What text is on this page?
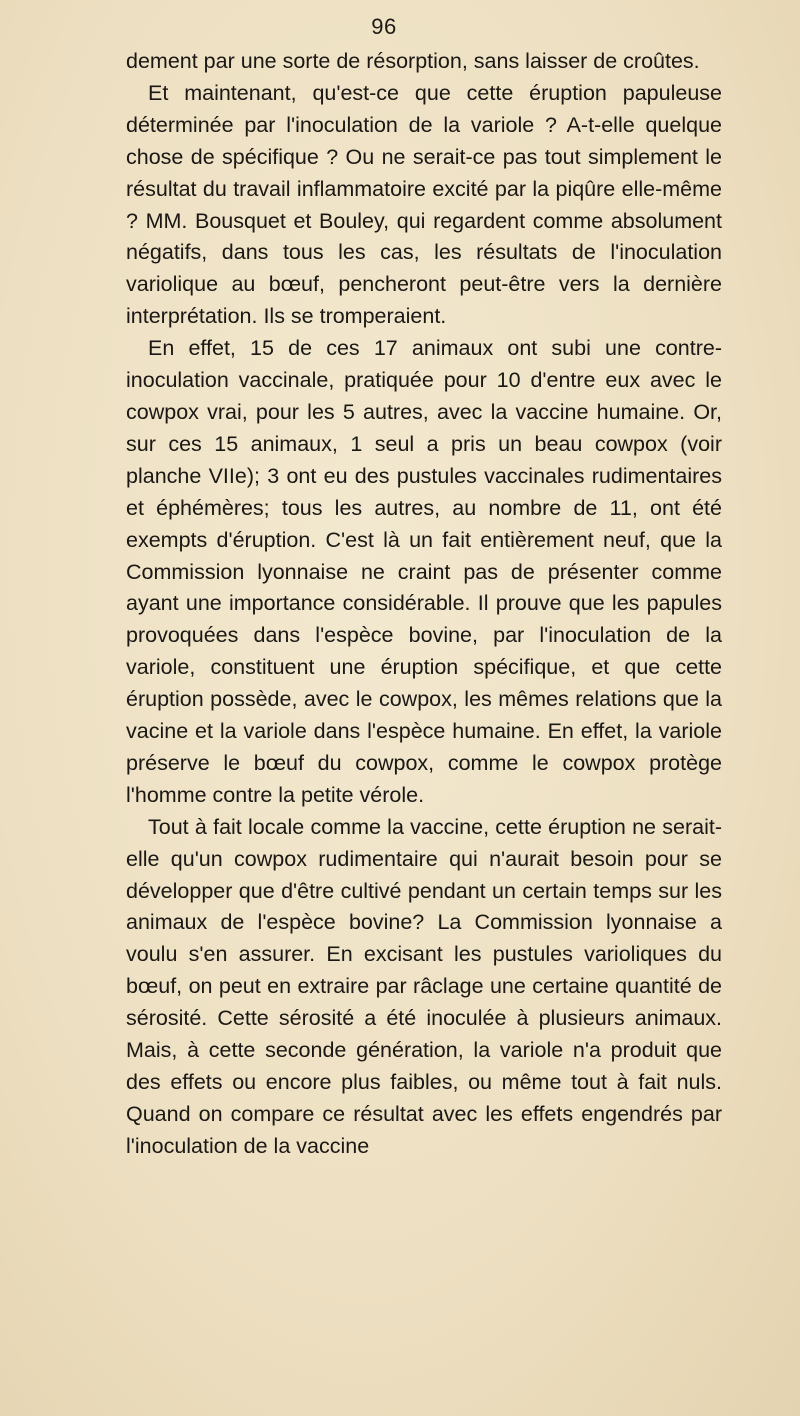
96

dement par une sorte de résorption, sans laisser de croûtes.

Et maintenant, qu'est-ce que cette éruption papuleuse déterminée par l'inoculation de la variole ? A-t-elle quelque chose de spécifique ? Ou ne serait-ce pas tout simplement le résultat du travail inflammatoire excité par la piqûre elle-même ? MM. Bousquet et Bouley, qui regardent comme absolument négatifs, dans tous les cas, les résultats de l'inoculation variolique au bœuf, pencheront peut-être vers la dernière interprétation. Ils se tromperaient.

En effet, 15 de ces 17 animaux ont subi une contre-inoculation vaccinale, pratiquée pour 10 d'entre eux avec le cowpox vrai, pour les 5 autres, avec la vaccine humaine. Or, sur ces 15 animaux, 1 seul a pris un beau cowpox (voir planche VIIe); 3 ont eu des pustules vaccinales rudimentaires et éphémères; tous les autres, au nombre de 11, ont été exempts d'éruption. C'est là un fait entièrement neuf, que la Commission lyonnaise ne craint pas de présenter comme ayant une importance considérable. Il prouve que les papules provoquées dans l'espèce bovine, par l'inoculation de la variole, constituent une éruption spécifique, et que cette éruption possède, avec le cowpox, les mêmes relations que la vacine et la variole dans l'espèce humaine. En effet, la variole préserve le bœuf du cowpox, comme le cowpox protège l'homme contre la petite vérole.

Tout à fait locale comme la vaccine, cette éruption ne serait-elle qu'un cowpox rudimentaire qui n'aurait besoin pour se développer que d'être cultivé pendant un certain temps sur les animaux de l'espèce bovine? La Commission lyonnaise a voulu s'en assurer. En excisant les pustules varioliques du bœuf, on peut en extraire par râclage une certaine quantité de sérosité. Cette sérosité a été inoculée à plusieurs animaux. Mais, à cette seconde génération, la variole n'a produit que des effets ou encore plus faibles, ou même tout à fait nuls. Quand on compare ce résultat avec les effets engendrés par l'inoculation de la vaccine
